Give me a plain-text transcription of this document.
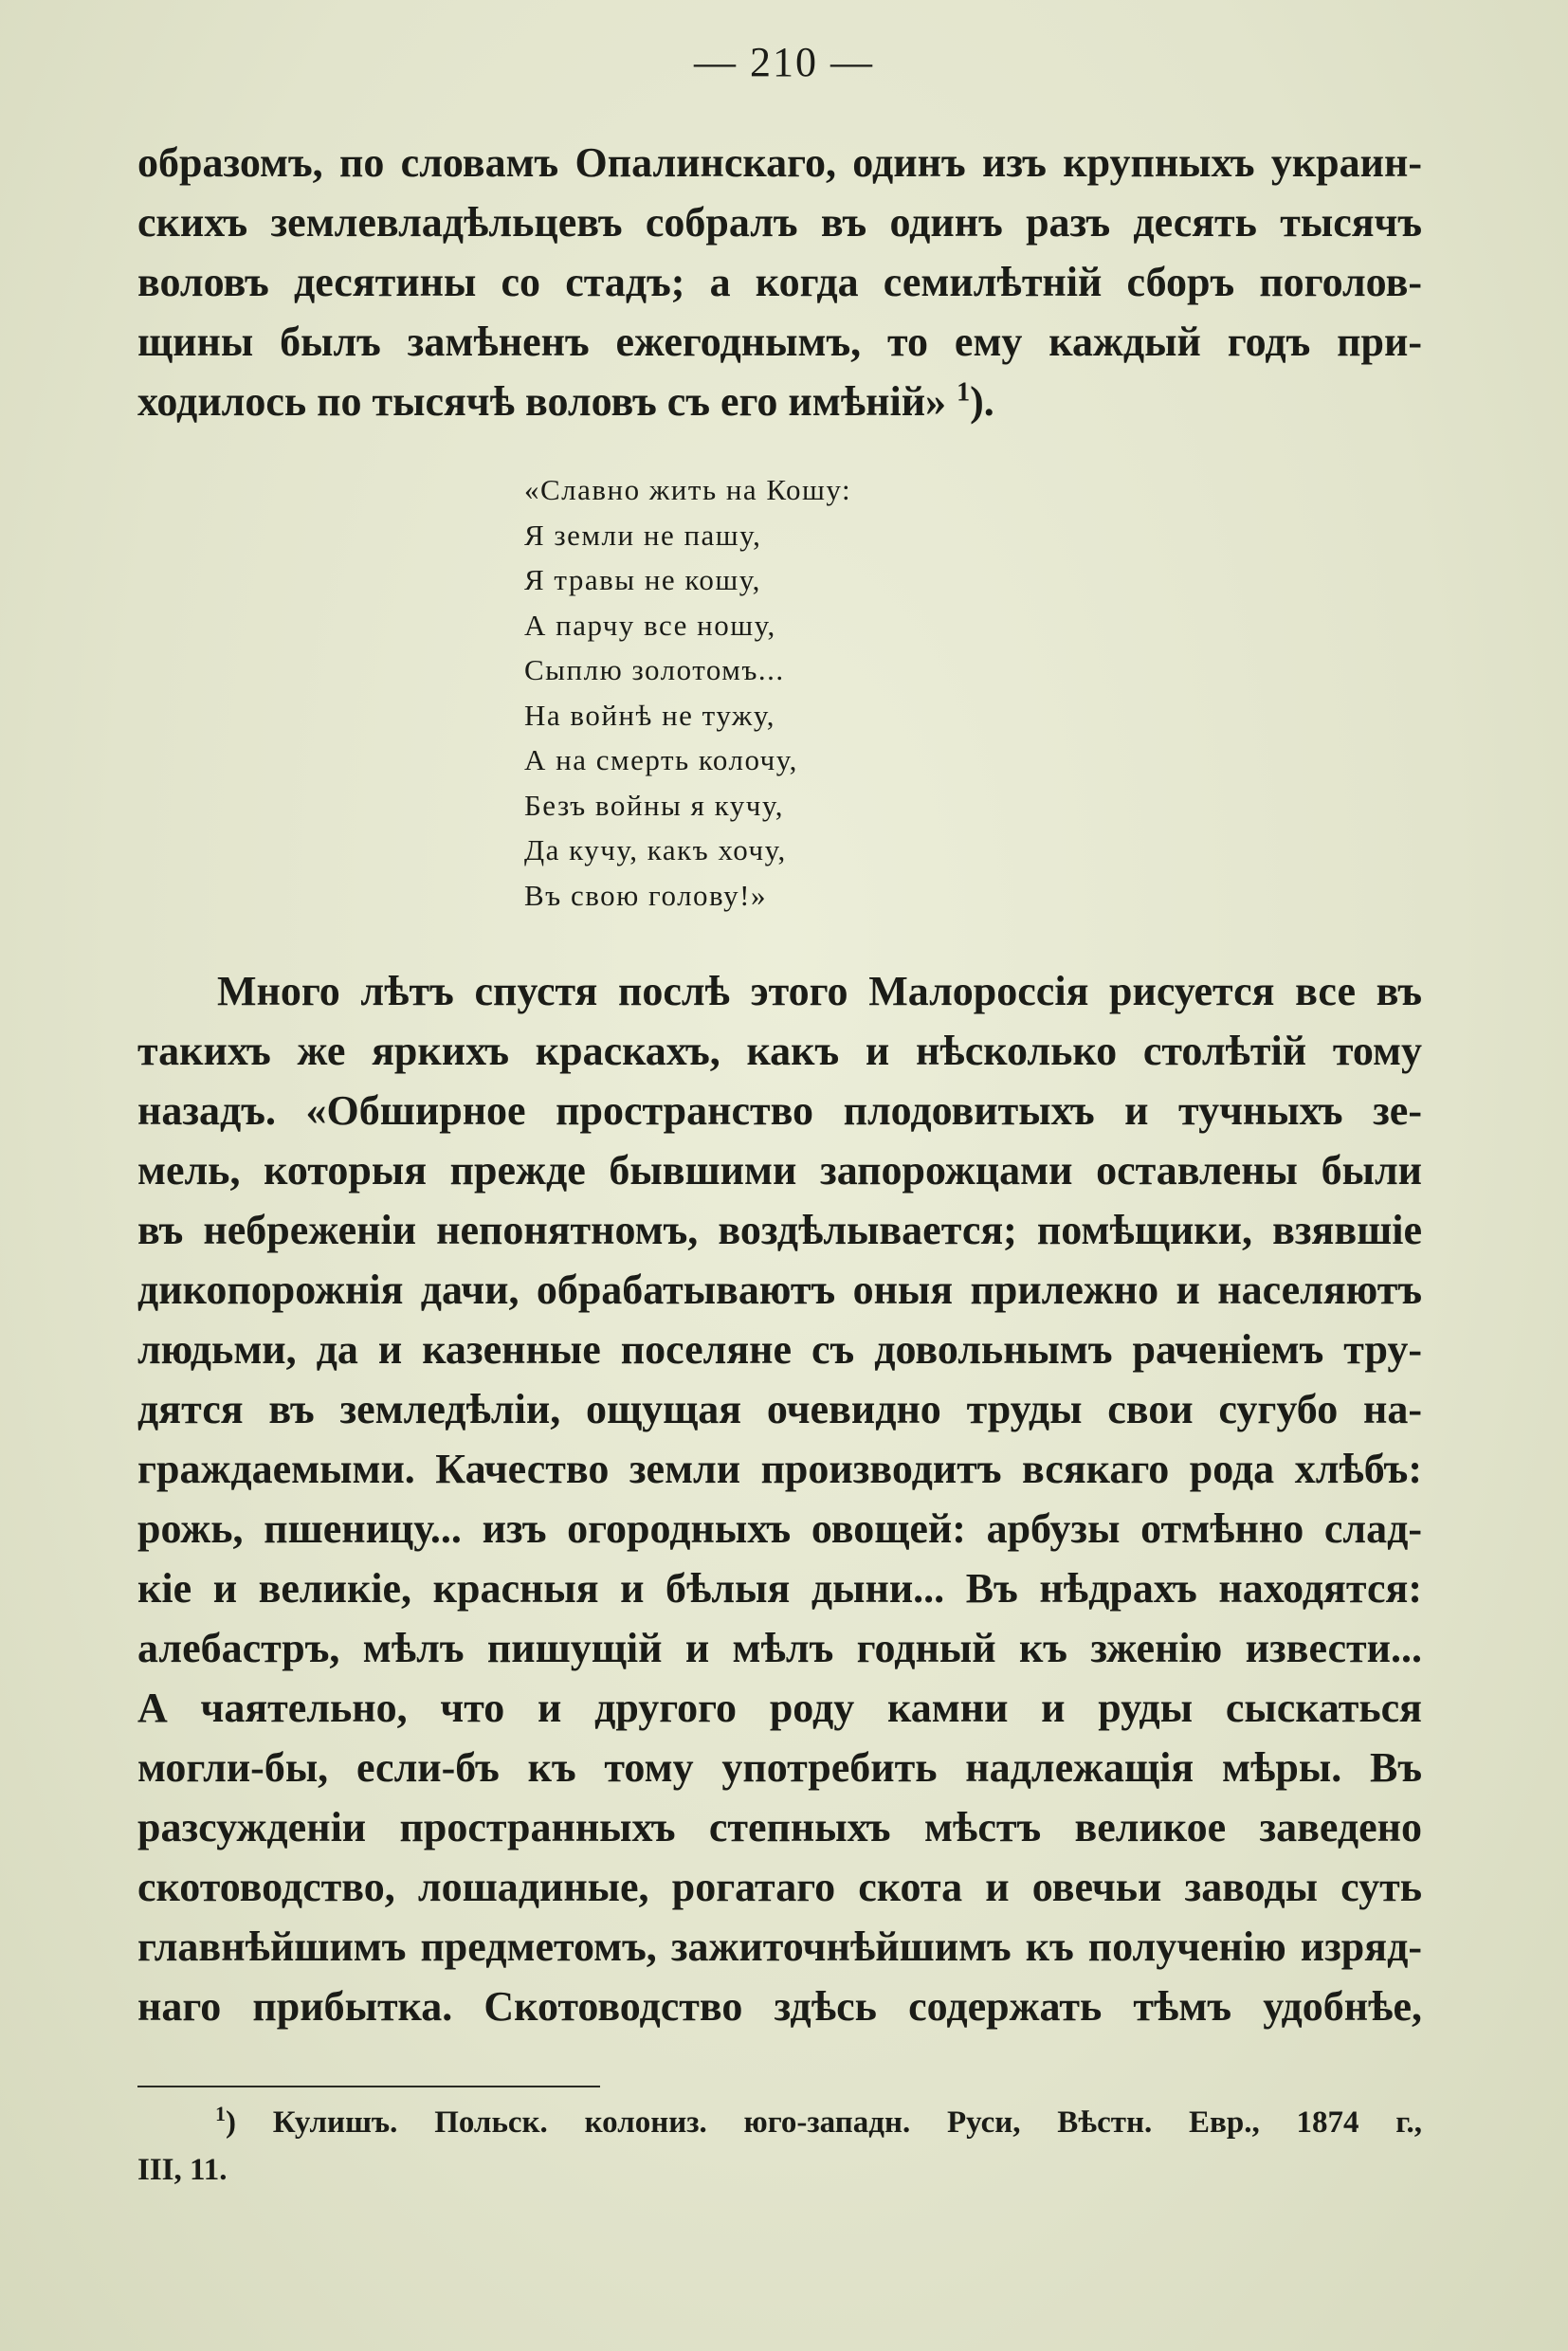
— 210 —
образомъ, по словамъ Опалинскаго, одинъ изъ крупныхъ украин-
скихъ землевладѣльцевъ собралъ въ одинъ разъ десять тысячъ
воловъ десятины со стадъ; а когда семилѣтній сборъ поголов-
щины былъ замѣненъ ежегоднымъ, то ему каждый годъ при-
ходилось по тысячѣ воловъ съ его имѣній» $^1$).
«Славно жить на Кошу:
Я земли не пашу,
Я травы не кошу,
А парчу все ношу,
Сыплю золотомъ...
На войнѣ не тужу,
А на смерть колочу,
Безъ войны я кучу,
Да кучу, какъ хочу,
Въ свою голову!»
Много лѣтъ спустя послѣ этого Малороссія рисуется все въ
такихъ же яркихъ краскахъ, какъ и нѣсколько столѣтій тому
назадъ. «Обширное пространство плодовитыхъ и тучныхъ зе-
мель, которыя прежде бывшими запорожцами оставлены были
въ небреженіи непонятномъ, воздѣлывается; помѣщики, взявшіе
дикопорожнія дачи, обрабатываютъ оныя прилежно и населяютъ
людьми, да и казенные поселяне съ довольнымъ раченіемъ тру-
дятся въ земледѣліи, ощущая очевидно труды свои сугубо на-
граждаемыми. Качество земли производитъ всякаго рода хлѣбъ:
рожь, пшеницу... изъ огородныхъ овощей: арбузы отмѣнно слад-
кіе и великіе, красныя и бѣлыя дыни... Въ нѣдрахъ находятся:
алебастръ, мѣлъ пишущій и мѣлъ годный къ зженію извести...
А чаятельно, что и другого роду камни и руды сыскаться
могли-бы, если-бъ къ тому употребить надлежащія мѣры. Въ
разсужденіи пространныхъ степныхъ мѣстъ великое заведено
скотоводство, лошадиные, рогатаго скота и овечьи заводы суть
главнѣйшимъ предметомъ, зажиточнѣйшимъ къ полученію изряд-
наго прибытка. Скотоводство здѣсь содержать тѣмъ удобнѣе,
$^1$) Кулишъ. Польск. колониз. юго-западн. Руси, Вѣстн. Евр., 1874 г.,
III, 11.
